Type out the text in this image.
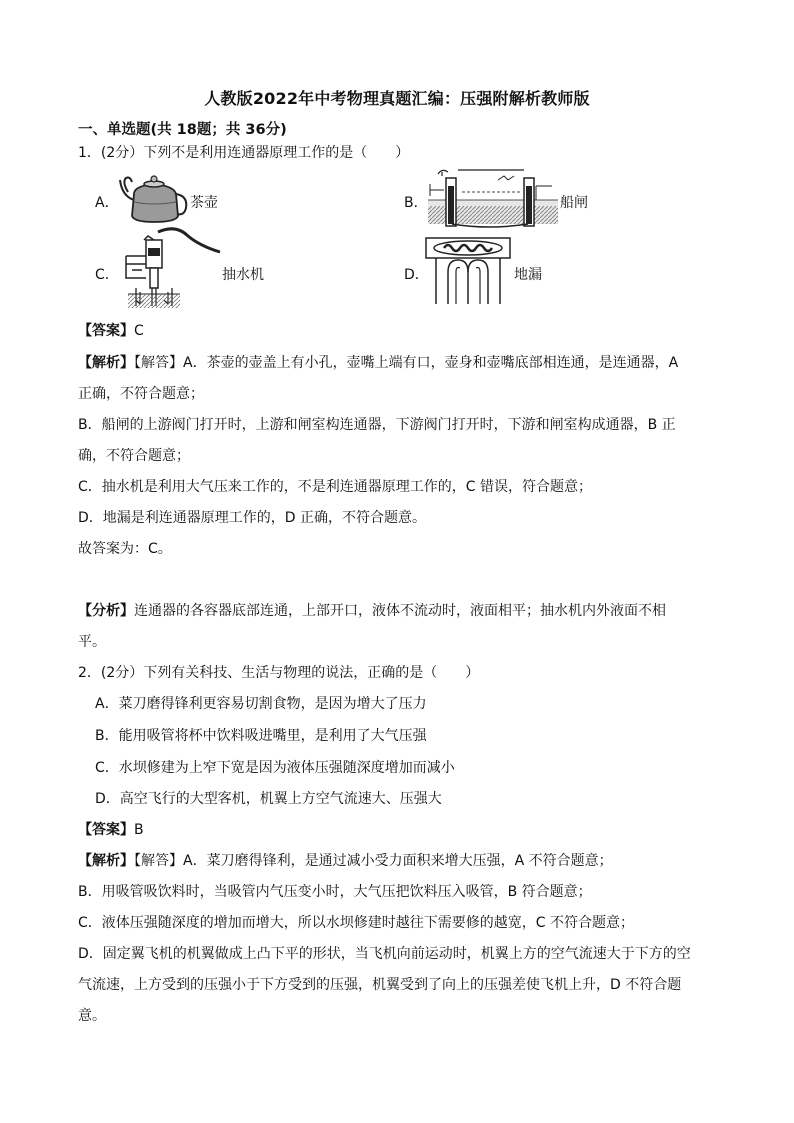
人教版2022年中考物理真题汇编：压强附解析教师版
一、单选题(共 18题；共 36分)
1．(2分）下列不是利用连通器原理工作的是（　　）
A．	茶壶	B．	船闸
C．	抽水机	D．	地漏
【答案】C
【解析】【解答】A．茶壶的壶盖上有小孔，壶嘴上端有口，壶身和壶嘴底部相连通，是连通器，A
正确，不符合题意；
B．船闸的上游阀门打开时，上游和闸室构连通器，下游阀门打开时，下游和闸室构成通器，B 正
确，不符合题意；
C．抽水机是利用大气压来工作的，不是利连通器原理工作的，C 错误，符合题意；
D．地漏是利连通器原理工作的，D 正确，不符合题意。
故答案为：C。
【分析】连通器的各容器底部连通，上部开口，液体不流动时，液面相平；抽水机内外液面不相
平。
2．(2分）下列有关科技、生活与物理的说法，正确的是（　　）
A．菜刀磨得锋利更容易切割食物，是因为增大了压力
B．能用吸管将杯中饮料吸进嘴里，是利用了大气压强
C．水坝修建为上窄下宽是因为液体压强随深度增加而减小
D．高空飞行的大型客机，机翼上方空气流速大、压强大
【答案】B
【解析】【解答】A．菜刀磨得锋利，是通过减小受力面积来增大压强，A 不符合题意；
B．用吸管吸饮料时，当吸管内气压变小时，大气压把饮料压入吸管，B 符合题意；
C．液体压强随深度的增加而增大，所以水坝修建时越往下需要修的越宽，C 不符合题意；
D．固定翼飞机的机翼做成上凸下平的形状，当飞机向前运动时，机翼上方的空气流速大于下方的空
气流速，上方受到的压强小于下方受到的压强，机翼受到了向上的压强差使飞机上升，D 不符合题
意。
